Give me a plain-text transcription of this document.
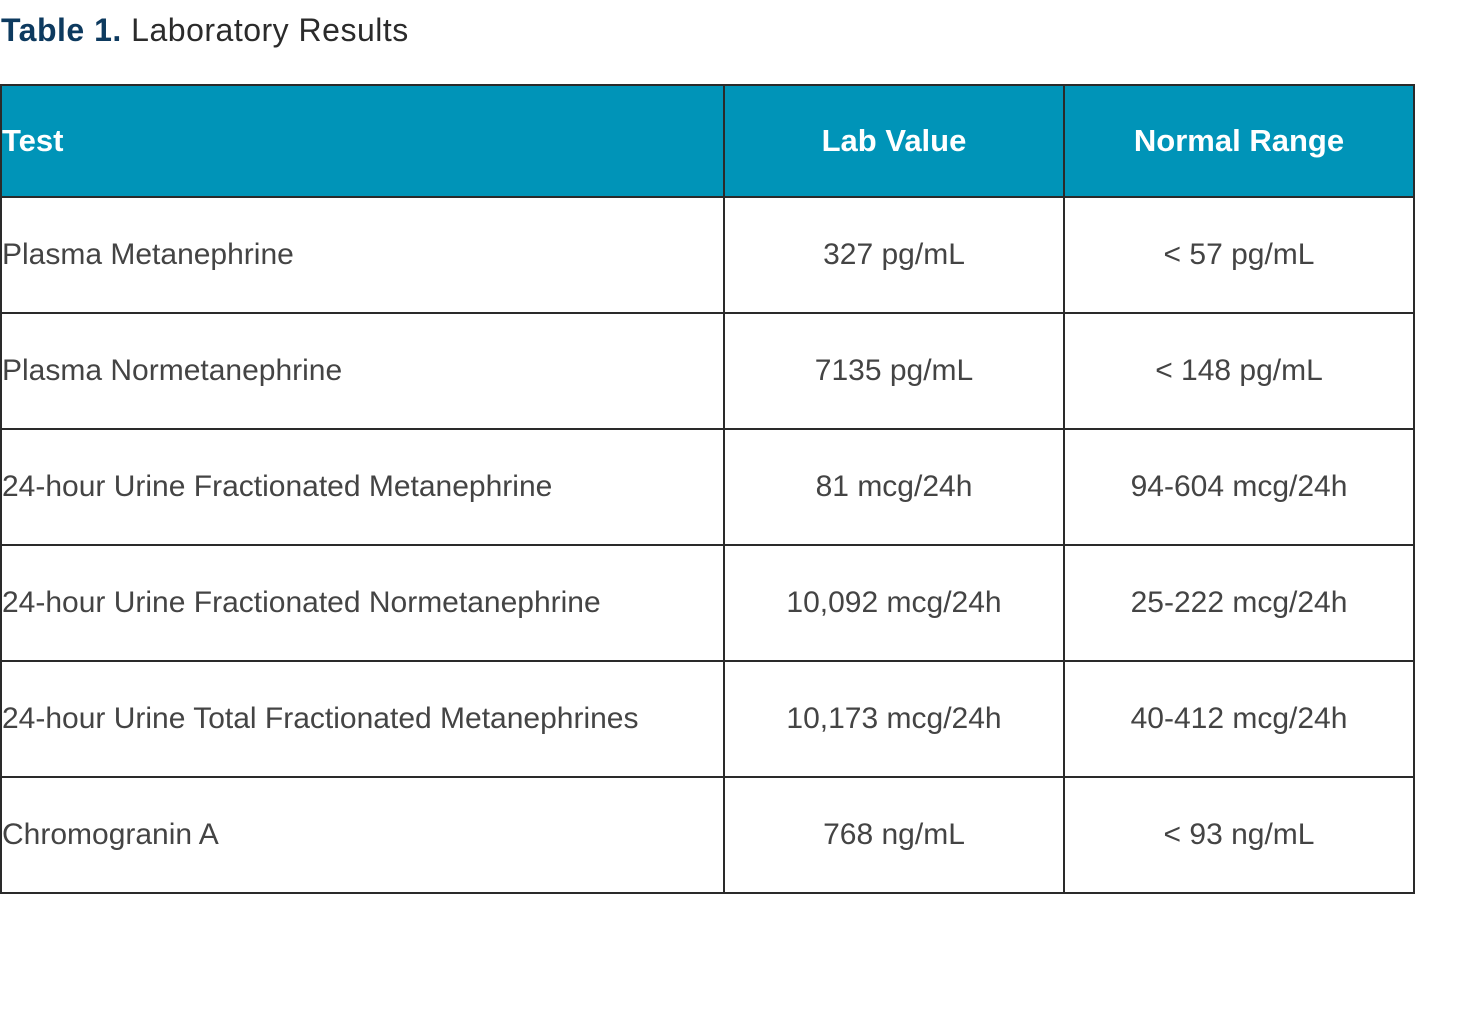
Table 1. Laboratory Results
Test	Lab Value	Normal Range
Plasma Metanephrine	327 pg/mL	< 57 pg/mL
Plasma Normetanephrine	7135 pg/mL	< 148 pg/mL
24-hour Urine Fractionated Metanephrine	81 mcg/24h	94-604 mcg/24h
24-hour Urine Fractionated Normetanephrine	10,092 mcg/24h	25-222 mcg/24h
24-hour Urine Total Fractionated Metanephrines	10,173 mcg/24h	40-412 mcg/24h
Chromogranin A	768 ng/mL	< 93 ng/mL
